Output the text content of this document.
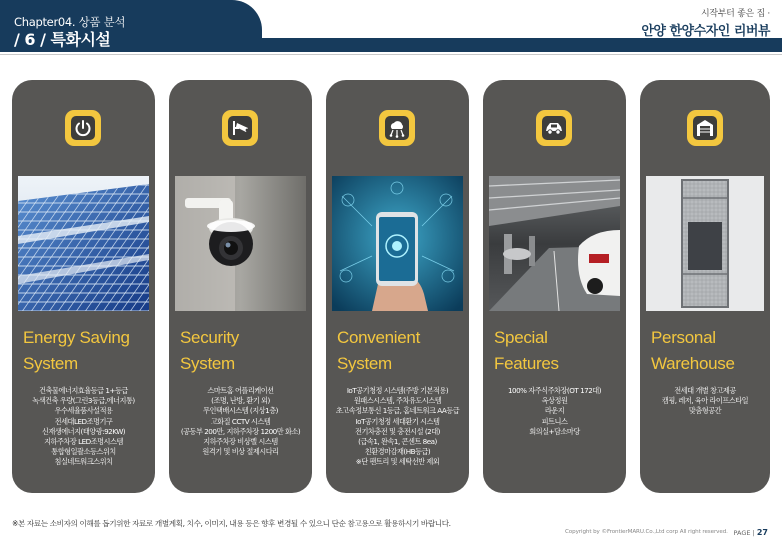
Chapter04. 상품 분석
/ 6 / 특화시설
시작부터 좋은 집 ·
안양 한양수자인 리버뷰
Energy Saving
System
건축물에너지효율등급 1+등급
녹색건축 우량(그린3등급,에너지통)
우수세율품사설적용
전세대LED조명기구
신재생에너지(태양광:92KW)
지하주차장 LED조명시스템
통합형일괄소등스위치
침실네트워크스위치
Security
System
스마트홈 어플리케이션
(조명, 난방, 환기 외)
무인택배시스템 (지상1층)
고화질 CCTV 시스템
(공동부 200만, 지하주차장 1200만 화소)
지하주차장 비상벨 시스템
원격기 및 비상 절제시다리
Convenient
System
IoT공기청정 시스템(주방 기본적용)
원패스시스템, 주차유도시스템
초고속정보통신 1등급, 홈네트워크 AA등급
IoT공기청정 세대환기 시스템
전기차충전 및 충전시설 (2대)
(급속1, 완속1, 콘센트 8ea)
친환경마감재(HB등급)
※단 팬트리 및 세탁선반 제외
Special
Features
100% 자주식주차장(OT 172대)
옥상정원
라운지
피트니스
회의실+담소마당
Personal
Warehouse
전세대 개별 창고제공
캠핑, 레저, 육아 라이프스타일
맞춤형공간
※본 자료는 소비자의 이해를 돕기위한 자료로 개별계획, 치수, 이미지, 내용 등은 향후 변경될 수 있으니 단순 참고용으로 활용하시기 바랍니다.
Copyright by ©FrontierMARU.Co.,Ltd corp All right reserved. PAGE | 27
